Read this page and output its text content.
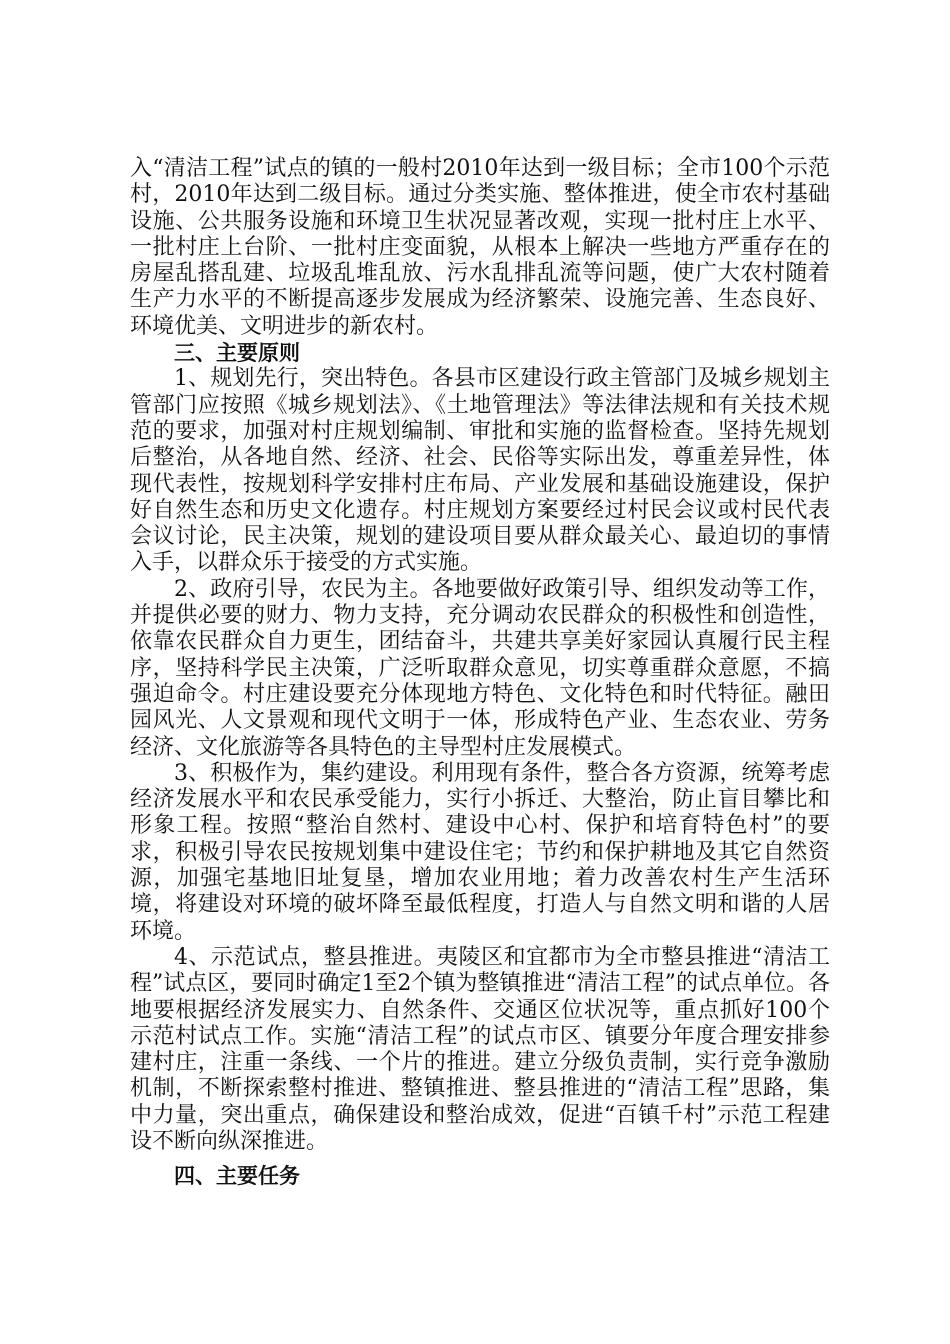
入“清洁工程”试点的镇的一般村2010年达到一级目标；全市100个示范村，2010年达到二级目标。通过分类实施、整体推进，使全市农村基础设施、公共服务设施和环境卫生状况显著改观，实现一批村庄上水平、一批村庄上台阶、一批村庄变面貌，从根本上解决一些地方严重存在的房屋乱搭乱建、垃圾乱堆乱放、污水乱排乱流等问题，使广大农村随着生产力水平的不断提高逐步发展成为经济繁荣、设施完善、生态良好、环境优美、文明进步的新农村。

三、主要原则

1、规划先行，突出特色。各县市区建设行政主管部门及城乡规划主管部门应按照《城乡规划法》、《土地管理法》等法律法规和有关技术规范的要求，加强对村庄规划编制、审批和实施的监督检查。坚持先规划后整治，从各地自然、经济、社会、民俗等实际出发，尊重差异性，体现代表性，按规划科学安排村庄布局、产业发展和基础设施建设，保护好自然生态和历史文化遗存。村庄规划方案要经过村民会议或村民代表会议讨论，民主决策，规划的建设项目要从群众最关心、最迫切的事情入手，以群众乐于接受的方式实施。

2、政府引导，农民为主。各地要做好政策引导、组织发动等工作，并提供必要的财力、物力支持，充分调动农民群众的积极性和创造性，依靠农民群众自力更生，团结奋斗，共建共享美好家园认真履行民主程序，坚持科学民主决策，广泛听取群众意见，切实尊重群众意愿，不搞强迫命令。村庄建设要充分体现地方特色、文化特色和时代特征。融田园风光、人文景观和现代文明于一体，形成特色产业、生态农业、劳务经济、文化旅游等各具特色的主导型村庄发展模式。

3、积极作为，集约建设。利用现有条件，整合各方资源，统筹考虑经济发展水平和农民承受能力，实行小拆迁、大整治，防止盲目攀比和形象工程。按照“整治自然村、建设中心村、保护和培育特色村”的要求，积极引导农民按规划集中建设住宅；节约和保护耕地及其它自然资源，加强宅基地旧址复垦，增加农业用地；着力改善农村生产生活环境，将建设对环境的破坏降至最低程度，打造人与自然文明和谐的人居环境。

4、示范试点，整县推进。夷陵区和宜都市为全市整县推进“清洁工程”试点区，要同时确定1至2个镇为整镇推进“清洁工程”的试点单位。各地要根据经济发展实力、自然条件、交通区位状况等，重点抓好100个示范村试点工作。实施“清洁工程”的试点市区、镇要分年度合理安排参建村庄，注重一条线、一个片的推进。建立分级负责制，实行竞争激励机制，不断探索整村推进、整镇推进、整县推进的“清洁工程”思路，集中力量，突出重点，确保建设和整治成效，促进“百镇千村”示范工程建设不断向纵深推进。

四、主要任务
